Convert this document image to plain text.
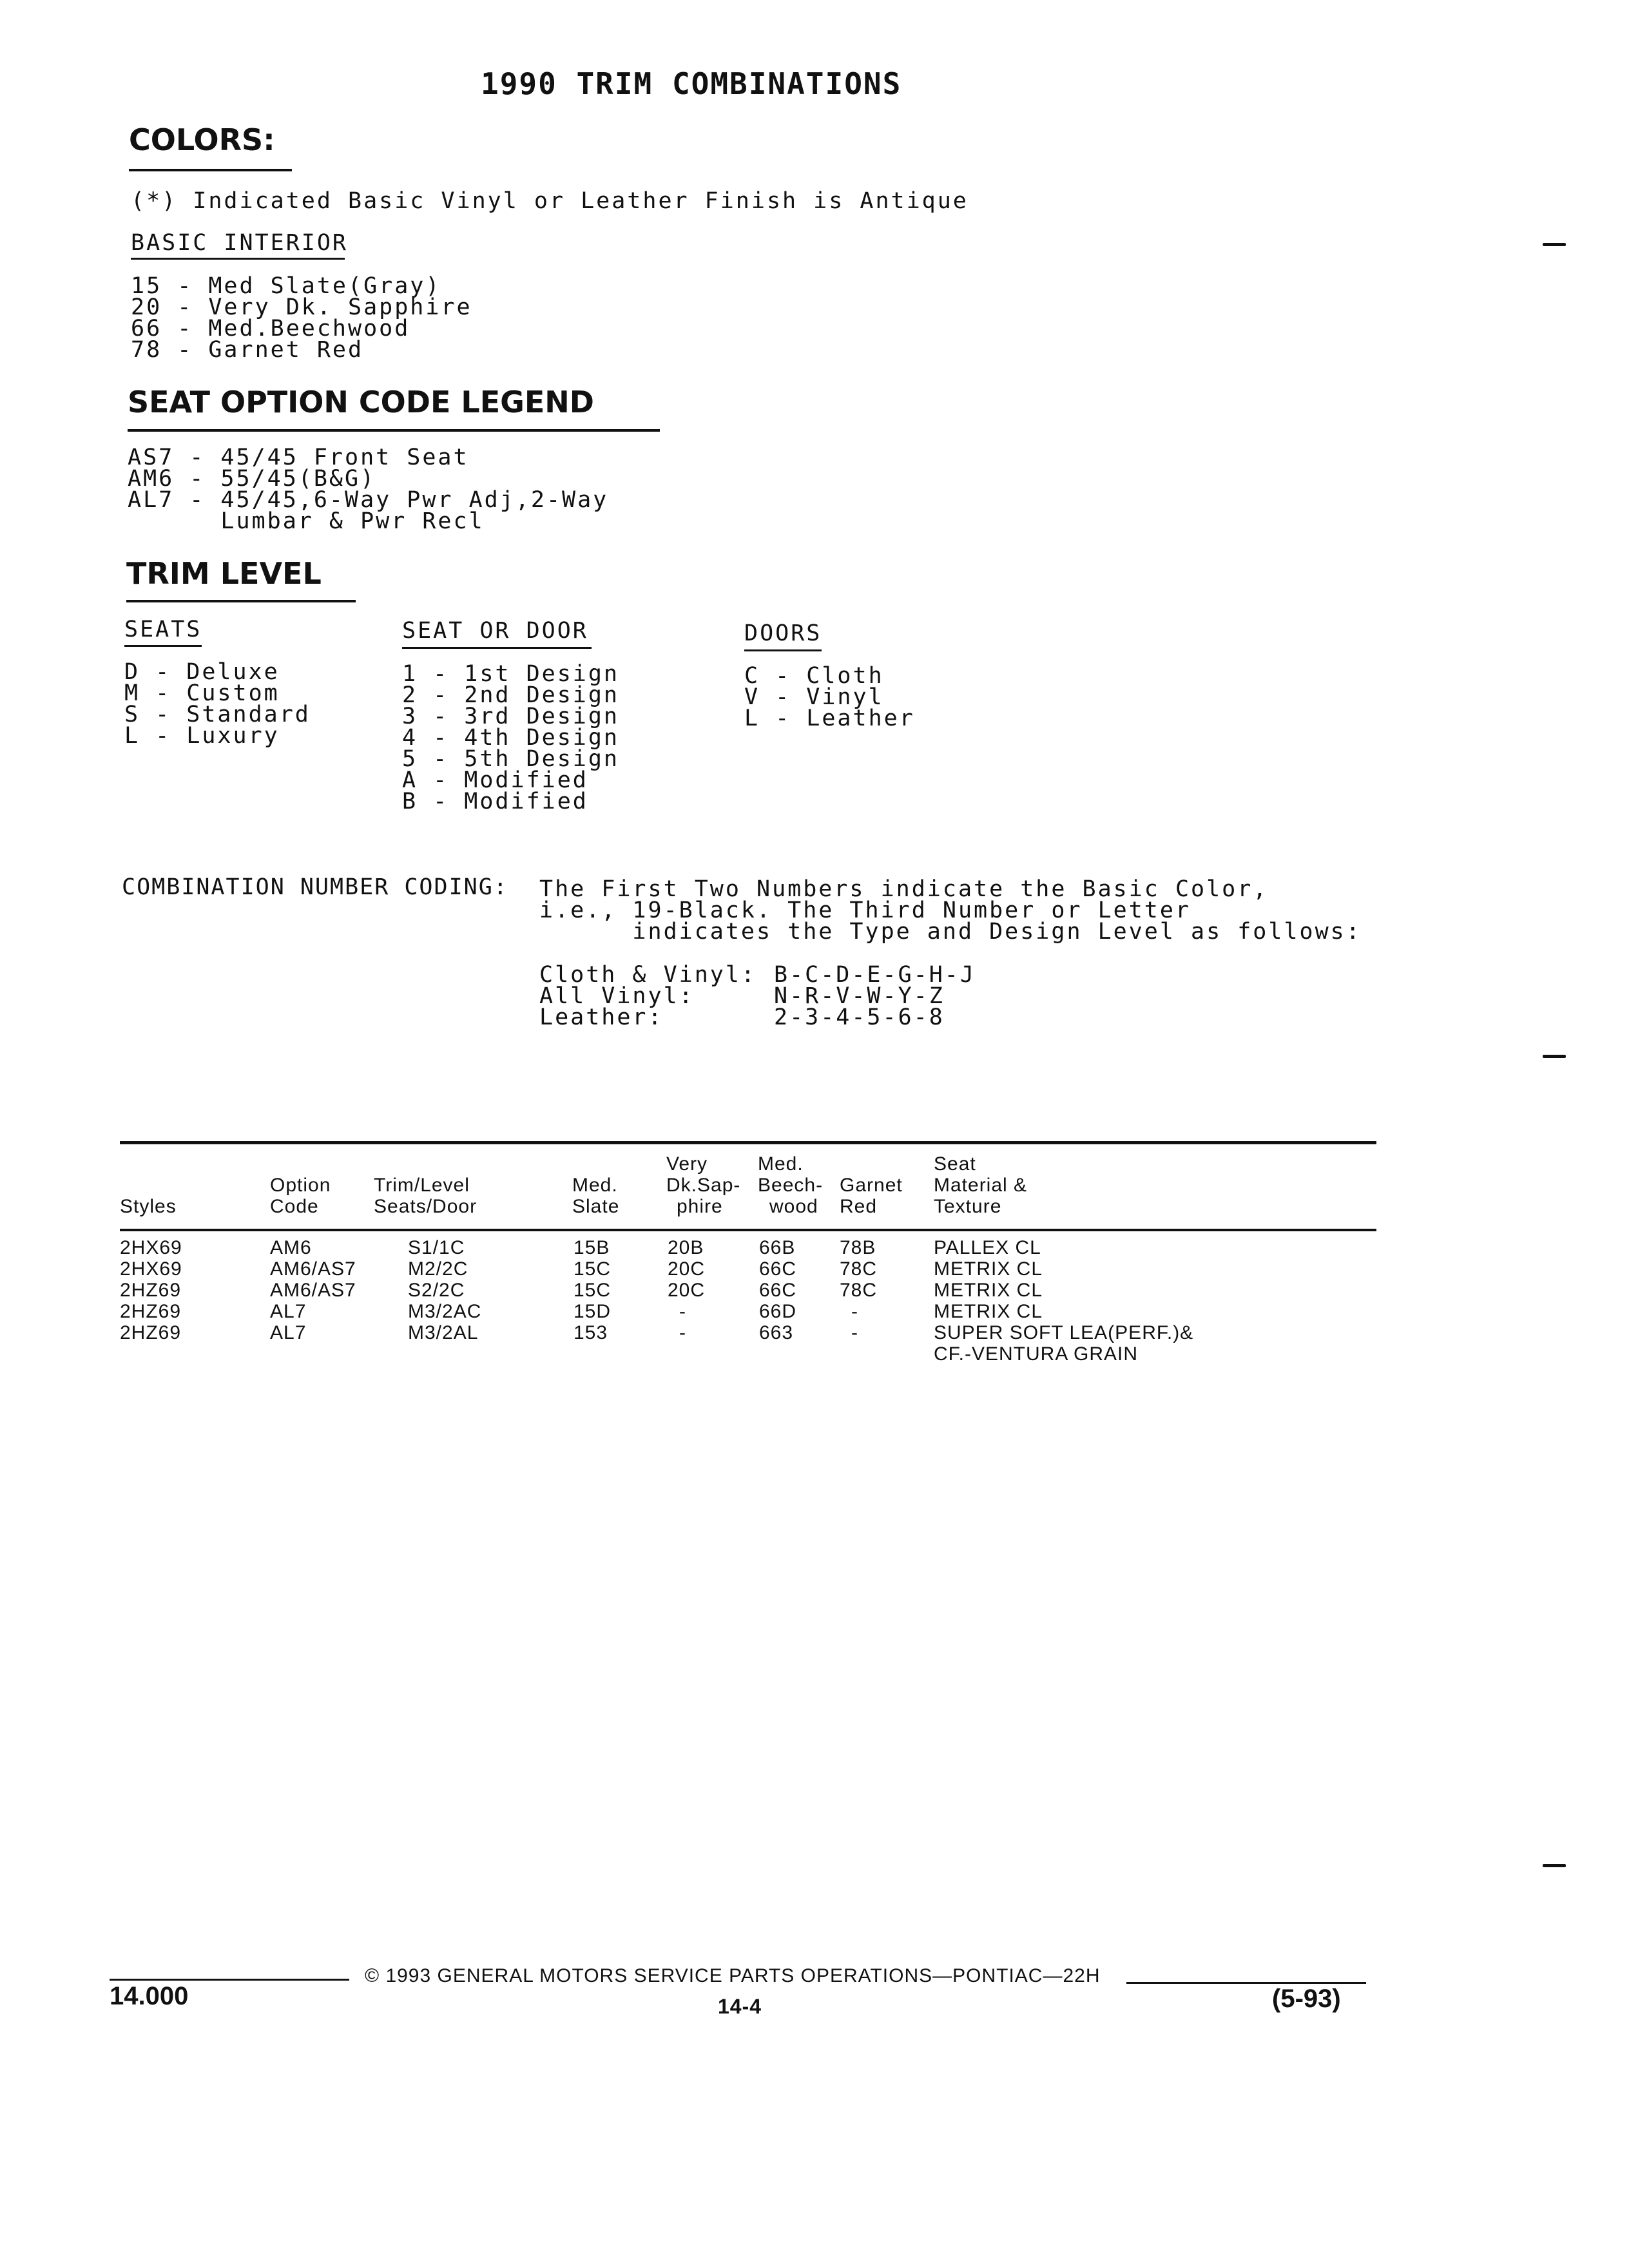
1990 TRIM COMBINATIONS
COLORS:
(*) Indicated Basic Vinyl or Leather Finish is Antique
BASIC INTERIOR
15 - Med Slate(Gray)
20 - Very Dk. Sapphire
66 - Med.Beechwood
78 - Garnet Red
SEAT OPTION CODE LEGEND
AS7 - 45/45 Front Seat
AM6 - 55/45(B&G)
AL7 - 45/45,6-Way Pwr Adj,2-Way
Lumbar & Pwr Recl
TRIM LEVEL
SEATS
D - Deluxe
M - Custom
S - Standard
L - Luxury
SEAT OR DOOR
1 - 1st Design
2 - 2nd Design
3 - 3rd Design
4 - 4th Design
5 - 5th Design
A - Modified
B - Modified
DOORS
C - Cloth
V - Vinyl
L - Leather
COMBINATION NUMBER CODING: The First Two Numbers indicate the Basic Color,
i.e., 19-Black. The Third Number or Letter
indicates the Type and Design Level as follows:
Cloth & Vinyl:
All Vinyl:
Leather:
B-C-D-E-G-H-J
N-R-V-W-Y-Z
2-3-4-5-6-8
Styles
Option
Code
Trim/Level
Seats/Door
Med.
Slate
Very
Dk.Sap-
phire
Med.
Beech-
wood
Garnet
Red
Seat
Material &
Texture
2HX69
2HX69
2HZ69
2HZ69
2HZ69
AM6
AM6/AS7
AM6/AS7
AL7
AL7
S1/1C
M2/2C
S2/2C
M3/2AC
M3/2AL
15B
15C
15C
15D
153
20B
20C
20C
-
-
66B
66C
66C
66D
663
78B
78C
78C
-
-
PALLEX CL
METRIX CL
METRIX CL
METRIX CL
SUPER SOFT LEA(PERF.)&
CF.-VENTURA GRAIN
© 1993 GENERAL MOTORS SERVICE PARTS OPERATIONS—PONTIAC—22H
14.000	14-4	(5-93)
